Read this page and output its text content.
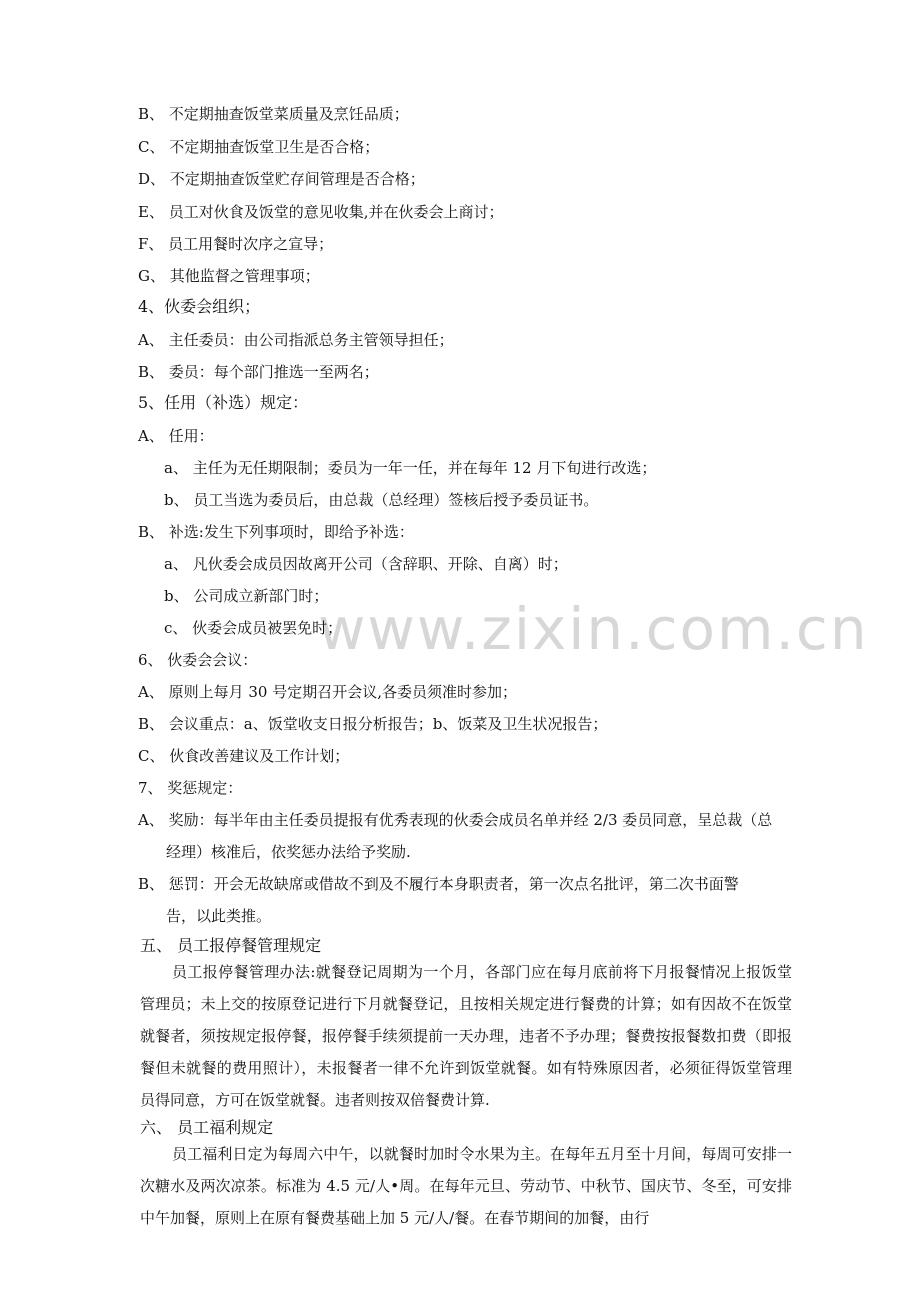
www.zixin.com.cn
B、 不定期抽查饭堂菜质量及烹饪品质；
C、 不定期抽查饭堂卫生是否合格；
D、 不定期抽查饭堂贮存间管理是否合格；
E、 员工对伙食及饭堂的意见收集,并在伙委会上商讨；
F、 员工用餐时次序之宣导；
G、 其他监督之管理事项；
4、伙委会组织；
A、 主任委员：由公司指派总务主管领导担任；
B、 委员：每个部门推选一至两名；
5、任用（补选）规定：
A、 任用：
a、 主任为无任期限制；委员为一年一任，并在每年 12 月下旬进行改选；
b、 员工当选为委员后，由总裁（总经理）签核后授予委员证书。
B、 补选:发生下列事项时，即给予补选：
a、 凡伙委会成员因故离开公司（含辞职、开除、自离）时；
b、 公司成立新部门时；
c、 伙委会成员被罢免时；
6、 伙委会会议：
A、 原则上每月 30 号定期召开会议,各委员须准时参加；
B、 会议重点：a、饭堂收支日报分析报告；b、饭菜及卫生状况报告；
C、 伙食改善建议及工作计划；
7、 奖惩规定：
A、 奖励：每半年由主任委员提报有优秀表现的伙委会成员名单并经 2/3 委员同意，呈总裁（总
经理）核准后，依奖惩办法给予奖励.
B、 惩罚：开会无故缺席或借故不到及不履行本身职责者，第一次点名批评，第二次书面警
告，以此类推。
五、 员工报停餐管理规定

员工报停餐管理办法:就餐登记周期为一个月，各部门应在每月底前将下月报餐情况上报饭堂管理员；未上交的按原登记进行下月就餐登记，且按相关规定进行餐费的计算；如有因故不在饭堂就餐者，须按规定报停餐，报停餐手续须提前一天办理，违者不予办理；餐费按报餐数扣费（即报餐但未就餐的费用照计），未报餐者一律不允许到饭堂就餐。如有特殊原因者，必须征得饭堂管理员得同意，方可在饭堂就餐。违者则按双倍餐费计算.

六、 员工福利规定

员工福利日定为每周六中午，以就餐时加时令水果为主。在每年五月至十月间，每周可安排一次糖水及两次凉茶。标准为 4.5 元/人•周。在每年元旦、劳动节、中秋节、国庆节、冬至，可安排中午加餐，原则上在原有餐费基础上加 5 元/人/餐。在春节期间的加餐，由行
